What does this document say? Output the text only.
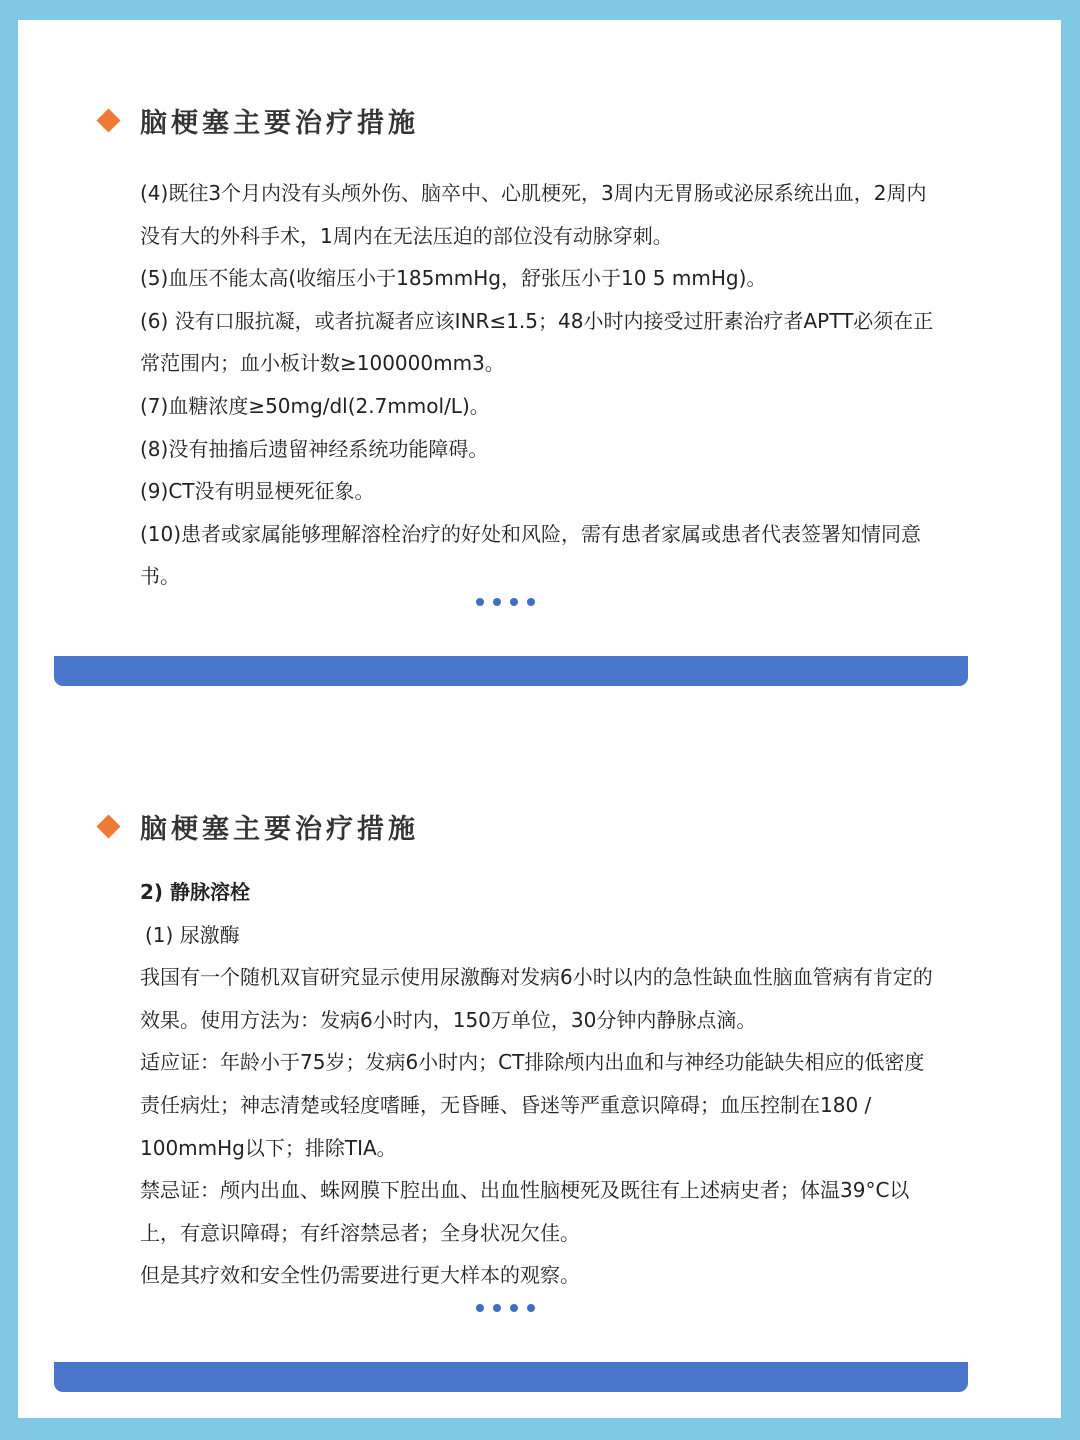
脑梗塞主要治疗措施

(4)既往3个月内没有头颅外伤、脑卒中、心肌梗死，3周内无胃肠或泌尿系统出血，2周内没有大的外科手术，1周内在无法压迫的部位没有动脉穿刺。

(5)血压不能太高(收缩压小于185mmHg，舒张压小于10 5 mmHg)。

(6) 没有口服抗凝，或者抗凝者应该INR≤1.5；48小时内接受过肝素治疗者APTT必须在正常范围内；血小板计数≥100000mm3。

(7)血糖浓度≥50mg/dl(2.7mmol/L)。

(8)没有抽搐后遗留神经系统功能障碍。

(9)CT没有明显梗死征象。

(10)患者或家属能够理解溶栓治疗的好处和风险，需有患者家属或患者代表签署知情同意书。

脑梗塞主要治疗措施

2) 静脉溶栓

(1) 尿激酶

我国有一个随机双盲研究显示使用尿激酶对发病6小时以内的急性缺血性脑血管病有肯定的效果。使用方法为：发病6小时内，150万单位，30分钟内静脉点滴。

适应证：年龄小于75岁；发病6小时内；CT排除颅内出血和与神经功能缺失相应的低密度责任病灶；神志清楚或轻度嗜睡，无昏睡、昏迷等严重意识障碍；血压控制在180 / 100mmHg以下；排除TIA。

禁忌证：颅内出血、蛛网膜下腔出血、出血性脑梗死及既往有上述病史者；体温39°C以上，有意识障碍；有纤溶禁忌者；全身状况欠佳。

但是其疗效和安全性仍需要进行更大样本的观察。
